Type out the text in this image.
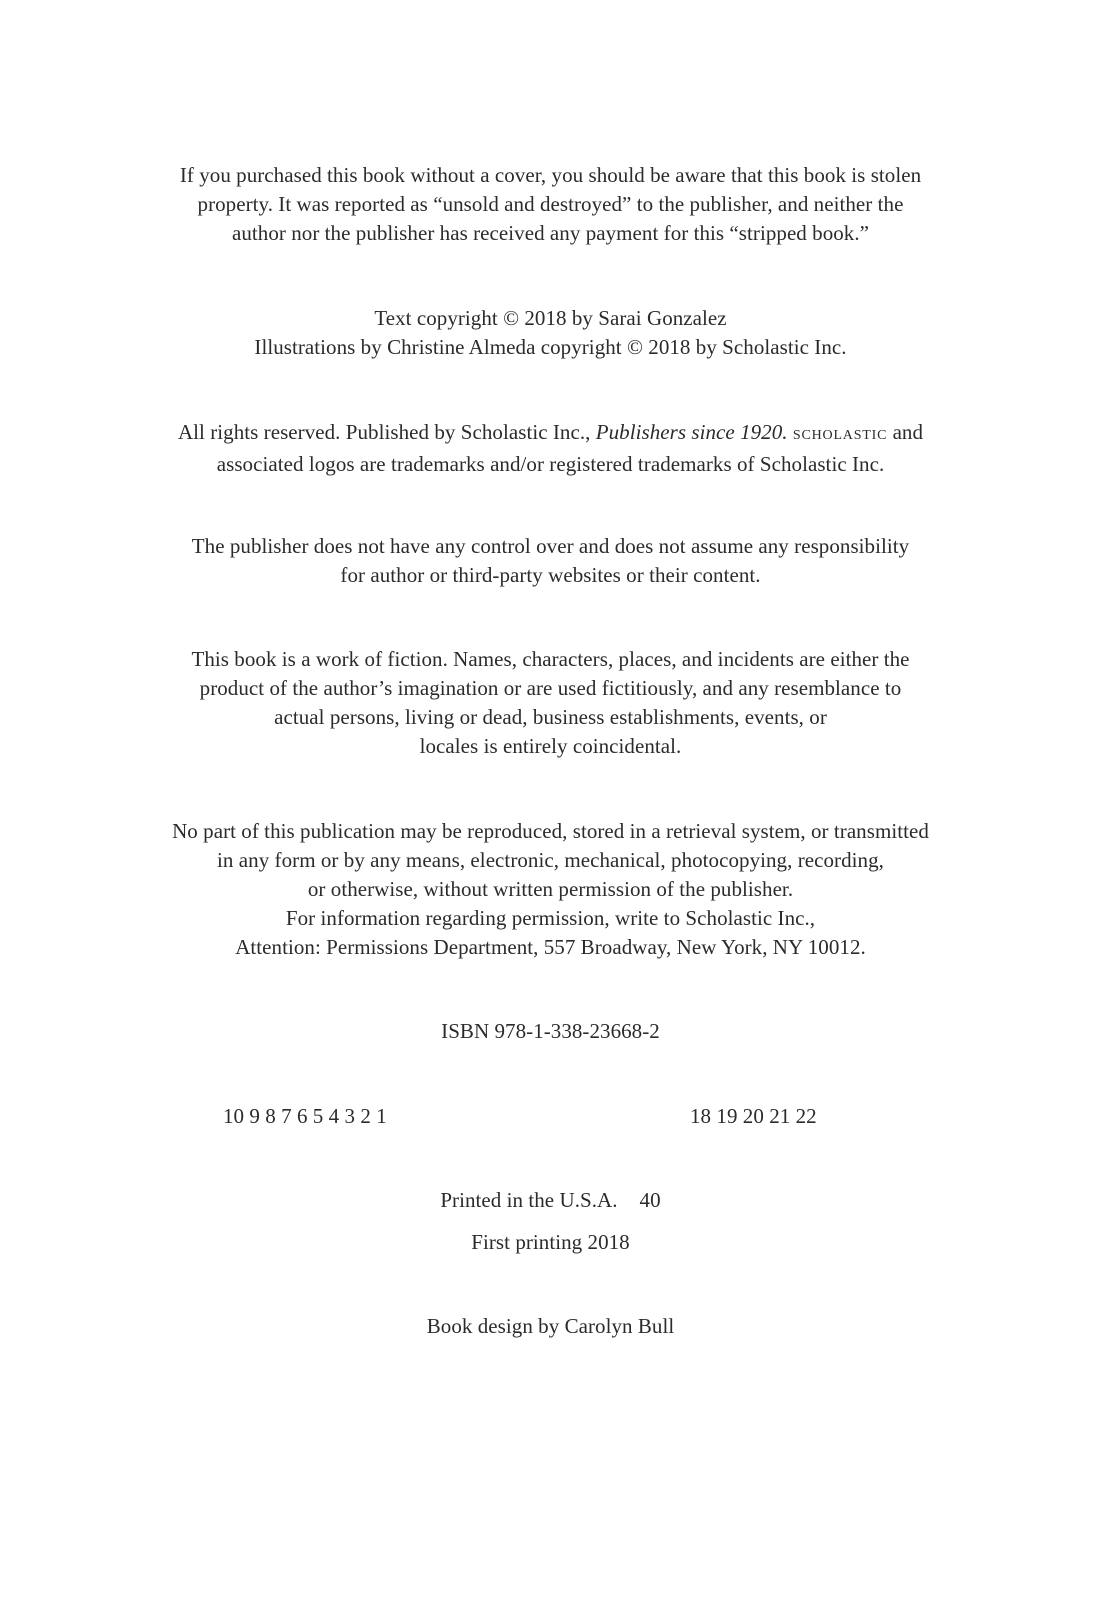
If you purchased this book without a cover, you should be aware that this book is stolen
property. It was reported as “unsold and destroyed” to the publisher, and neither the
author nor the publisher has received any payment for this “stripped book.”
Text copyright © 2018 by Sarai Gonzalez
Illustrations by Christine Almeda copyright © 2018 by Scholastic Inc.
All rights reserved. Published by Scholastic Inc., Publishers since 1920. SCHOLASTIC and
associated logos are trademarks and/or registered trademarks of Scholastic Inc.
The publisher does not have any control over and does not assume any responsibility
for author or third-party websites or their content.
This book is a work of fiction. Names, characters, places, and incidents are either the
product of the author’s imagination or are used fictitiously, and any resemblance to
actual persons, living or dead, business establishments, events, or
locales is entirely coincidental.
No part of this publication may be reproduced, stored in a retrieval system, or transmitted
in any form or by any means, electronic, mechanical, photocopying, recording,
or otherwise, without written permission of the publisher.
For information regarding permission, write to Scholastic Inc.,
Attention: Permissions Department, 557 Broadway, New York, NY 10012.
ISBN 978-1-338-23668-2
10 9 8 7 6 5 4 3 2 1	18 19 20 21 22
Printed in the U.S.A. 40
First printing 2018
Book design by Carolyn Bull
